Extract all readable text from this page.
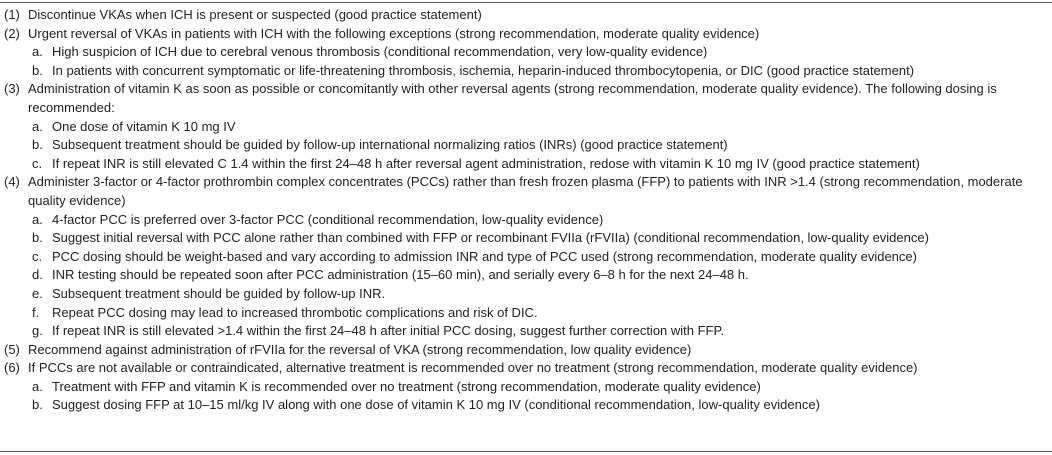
(1) Discontinue VKAs when ICH is present or suspected (good practice statement)
(2) Urgent reversal of VKAs in patients with ICH with the following exceptions (strong recommendation, moderate quality evidence)
a. High suspicion of ICH due to cerebral venous thrombosis (conditional recommendation, very low-quality evidence)
b. In patients with concurrent symptomatic or life-threatening thrombosis, ischemia, heparin-induced thrombocytopenia, or DIC (good practice statement)
(3) Administration of vitamin K as soon as possible or concomitantly with other reversal agents (strong recommendation, moderate quality evidence). The following dosing is recommended:
a. One dose of vitamin K 10 mg IV
b. Subsequent treatment should be guided by follow-up international normalizing ratios (INRs) (good practice statement)
c. If repeat INR is still elevated C 1.4 within the first 24–48 h after reversal agent administration, redose with vitamin K 10 mg IV (good practice statement)
(4) Administer 3-factor or 4-factor prothrombin complex concentrates (PCCs) rather than fresh frozen plasma (FFP) to patients with INR >1.4 (strong recommendation, moderate quality evidence)
a. 4-factor PCC is preferred over 3-factor PCC (conditional recommendation, low-quality evidence)
b. Suggest initial reversal with PCC alone rather than combined with FFP or recombinant FVIIa (rFVIIa) (conditional recommendation, low-quality evidence)
c. PCC dosing should be weight-based and vary according to admission INR and type of PCC used (strong recommendation, moderate quality evidence)
d. INR testing should be repeated soon after PCC administration (15–60 min), and serially every 6–8 h for the next 24–48 h.
e. Subsequent treatment should be guided by follow-up INR.
f. Repeat PCC dosing may lead to increased thrombotic complications and risk of DIC.
g. If repeat INR is still elevated >1.4 within the first 24–48 h after initial PCC dosing, suggest further correction with FFP.
(5) Recommend against administration of rFVIIa for the reversal of VKA (strong recommendation, low quality evidence)
(6) If PCCs are not available or contraindicated, alternative treatment is recommended over no treatment (strong recommendation, moderate quality evidence)
a. Treatment with FFP and vitamin K is recommended over no treatment (strong recommendation, moderate quality evidence)
b. Suggest dosing FFP at 10–15 ml/kg IV along with one dose of vitamin K 10 mg IV (conditional recommendation, low-quality evidence)
